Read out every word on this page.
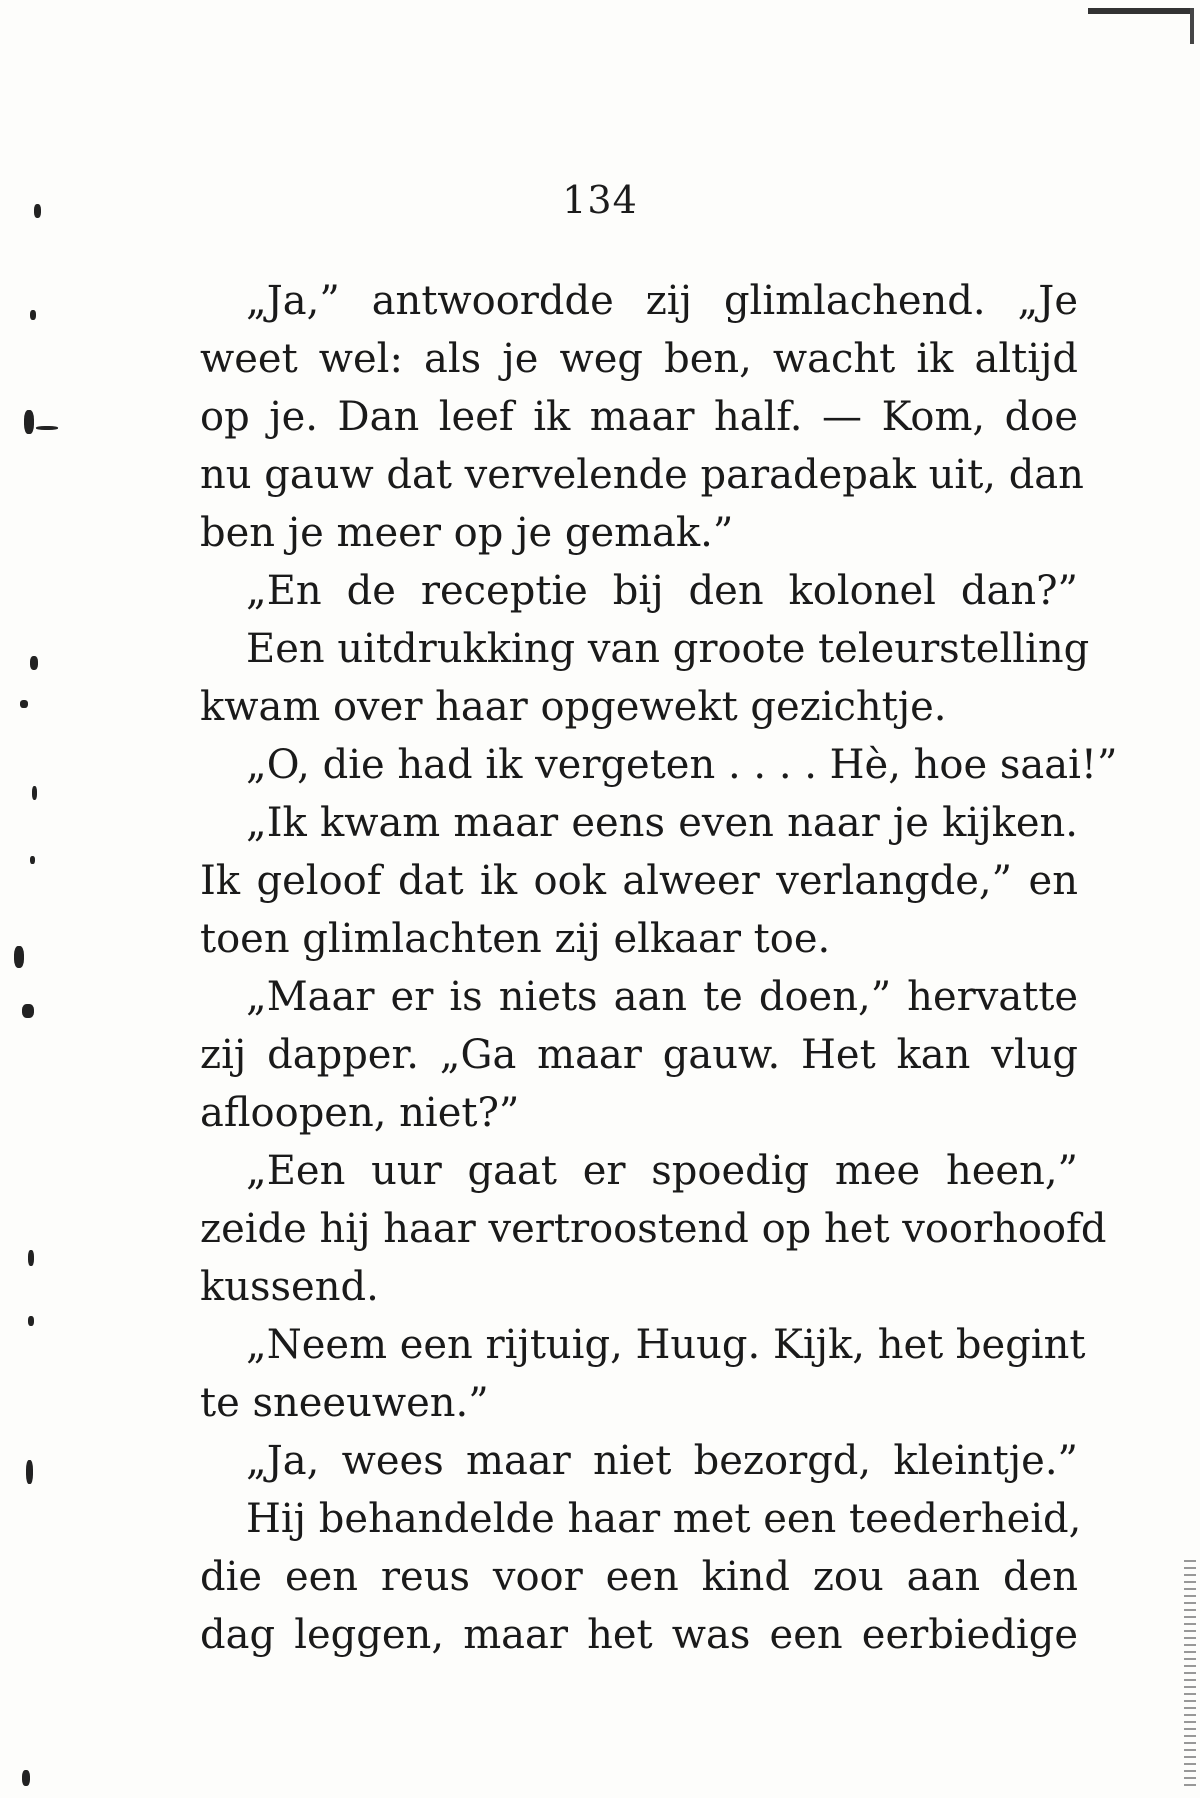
134
„Ja,” antwoordde zij glimlachend. „Je
weet wel: als je weg ben, wacht ik altijd
op je. Dan leef ik maar half. — Kom, doe
nu gauw dat vervelende paradepak uit, dan
ben je meer op je gemak.”
„En de receptie bij den kolonel dan?”
Een uitdrukking van groote teleurstelling
kwam over haar opgewekt gezichtje.
„O, die had ik vergeten . . . . Hè, hoe saai!”
„Ik kwam maar eens even naar je kijken.
Ik geloof dat ik ook alweer verlangde,” en
toen glimlachten zij elkaar toe.
„Maar er is niets aan te doen,” hervatte
zij dapper. „Ga maar gauw. Het kan vlug
afloopen, niet?”
„Een uur gaat er spoedig mee heen,”
zeide hij haar vertroostend op het voorhoofd
kussend.
„Neem een rijtuig, Huug. Kijk, het begint
te sneeuwen.”
„Ja, wees maar niet bezorgd, kleintje.”
Hij behandelde haar met een teederheid,
die een reus voor een kind zou aan den
dag leggen, maar het was een eerbiedige
